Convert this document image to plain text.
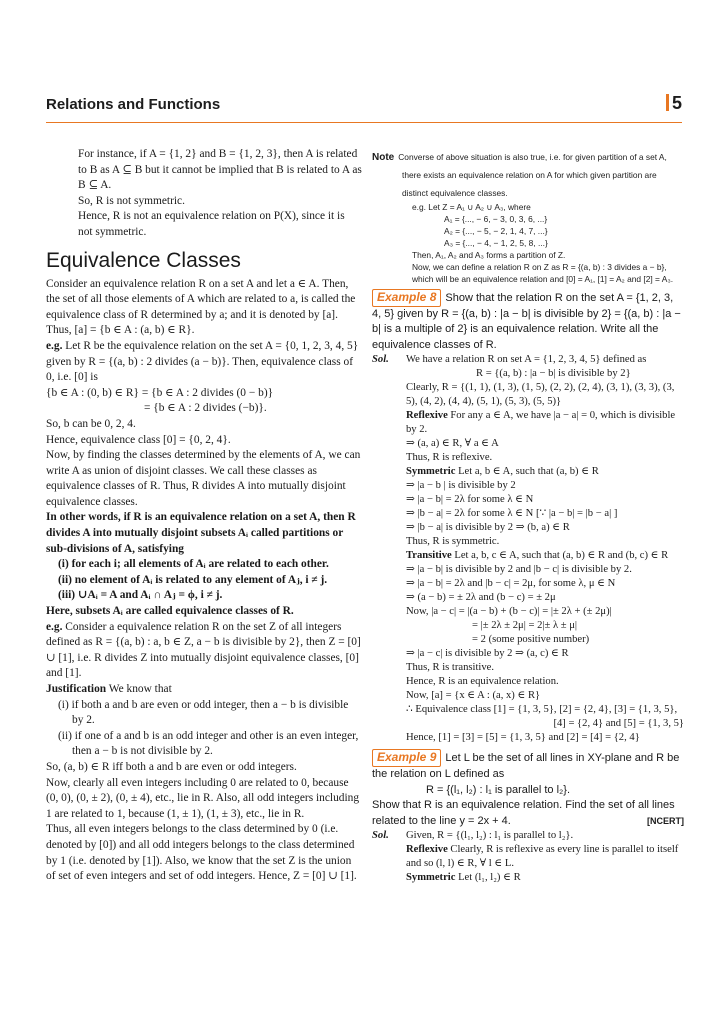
Relations and Functions	5

For instance, if A = {1, 2} and B = {1, 2, 3}, then A is related to B as A ⊆ B but it cannot be implied that B is related to A as B ⊆ A.

So, R is not symmetric.

Hence, R is not an equivalence relation on P(X), since it is not symmetric.

Equivalence Classes

Consider an equivalence relation R on a set A and let a ∈ A. Then, the set of all those elements of A which are related to a, is called the equivalence class of R determined by a; and it is denoted by [a]. Thus, [a] = {b ∈ A : (a, b) ∈ R}.

e.g. Let R be the equivalence relation on the set A = {0, 1, 2, 3, 4, 5} given by R = {(a, b) : 2 divides (a − b)}. Then, equivalence class of 0, i.e. [0] is

{b ∈ A : (0, b) ∈ R} = {b ∈ A : 2 divides (0 − b)}

= {b ∈ A : 2 divides (−b)}.

So, b can be 0, 2, 4.

Hence, equivalence class [0] = {0, 2, 4}.

Now, by finding the classes determined by the elements of A, we can write A as union of disjoint classes. We call these classes as equivalence classes of R. Thus, R divides A into mutually disjoint equivalence classes.

In other words, if R is an equivalence relation on a set A, then R divides A into mutually disjoint subsets Aᵢ called partitions or sub-divisions of A, satisfying

(i) for each i; all elements of Aᵢ are related to each other.

(ii) no element of Aᵢ is related to any element of Aⱼ, i ≠ j.

(iii) ∪Aᵢ = A and Aᵢ ∩ Aⱼ = ϕ, i ≠ j.

Here, subsets Aᵢ are called equivalence classes of R.

e.g. Consider a equivalence relation R on the set Z of all integers defined as R = {(a, b) : a, b ∈ Z, a − b is divisible by 2}, then Z = [0] ∪ [1], i.e. R divides Z into mutually disjoint equivalence classes, [0] and [1].

Justification We know that

(i) if both a and b are even or odd integer, then a − b is divisible by 2.

(ii) if one of a and b is an odd integer and other is an even integer, then a − b is not divisible by 2.

So, (a, b) ∈ R iff both a and b are even or odd integers.

Now, clearly all even integers including 0 are related to 0, because (0, 0), (0, ± 2), (0, ± 4), etc., lie in R. Also, all odd integers including 1 are related to 1, because (1, ± 1), (1, ± 3), etc., lie in R.

Thus, all even integers belongs to the class determined by 0 (i.e. denoted by [0]) and all odd integers belongs to the class determined by 1 (i.e. denoted by [1]). Also, we know that the set Z is the union of set of even integers and set of odd integers. Hence, Z = [0] ∪ [1].

Note Converse of above situation is also true, i.e. for given partition of a set A, there exists an equivalence relation on A for which given partition are distinct equivalence classes.
e.g. Let Z = A₁ ∪ A₂ ∪ A₃, where
A₁ = {..., − 6, − 3, 0, 3, 6, ...}
A₂ = {..., − 5, − 2, 1, 4, 7, ...}
A₃ = {..., − 4, − 1, 2, 5, 8, ...}
Then, A₁, A₂ and A₃ forms a partition of Z.
Now, we can define a relation R on Z as R = {(a, b) : 3 divides a − b}, which will be an equivalence relation and [0] = A₁, [1] = A₂ and [2] = A₃.
Example 8 Show that the relation R on the set A = {1, 2, 3, 4, 5} given by R = {(a, b) : |a − b| is divisible by 2} = {(a, b) : |a − b| is a multiple of 2} is an equivalence relation. Write all the equivalence classes of R.
Sol. We have a relation R on set A = {1, 2, 3, 4, 5} defined as
R = {(a, b) : |a − b| is divisible by 2}
Clearly, R = {(1, 1), (1, 3), (1, 5), (2, 2), (2, 4), (3, 1), (3, 3), (3, 5), (4, 2), (4, 4), (5, 1), (5, 3), (5, 5)}
Reflexive For any a ∈ A, we have |a − a| = 0, which is divisible by 2.
⇒ (a, a) ∈ R, ∀ a ∈ A
Thus, R is reflexive.
Symmetric Let a, b ∈ A, such that (a, b) ∈ R
⇒ |a − b | is divisible by 2
⇒ |a − b| = 2λ for some λ ∈ N
⇒ |b − a| = 2λ for some λ ∈ N [∵ |a − b| = |b − a| ]
⇒ |b − a| is divisible by 2 ⇒ (b, a) ∈ R
Thus, R is symmetric.
Transitive Let a, b, c ∈ A, such that (a, b) ∈ R and (b, c) ∈ R
⇒ |a − b| is divisible by 2 and |b − c| is divisible by 2.
⇒ |a − b| = 2λ and |b − c| = 2μ, for some λ, μ ∈ N
⇒ (a − b) = ± 2λ and (b − c) = ± 2μ
Now, |a − c| = |(a − b) + (b − c)| = |± 2λ + (± 2μ)|
= |± 2λ ± 2μ| = 2|± λ ± μ|
= 2 (some positive number)
⇒ |a − c| is divisible by 2 ⇒ (a, c) ∈ R
Thus, R is transitive.
Hence, R is an equivalence relation.
Now, [a] = {x ∈ A : (a, x) ∈ R}
∴ Equivalence class [1] = {1, 3, 5}, [2] = {2, 4}, [3] = {1, 3, 5},
[4] = {2, 4} and [5] = {1, 3, 5}
Hence, [1] = [3] = [5] = {1, 3, 5} and [2] = [4] = {2, 4}
Example 9 Let L be the set of all lines in XY-plane and R be the relation on L defined as
R = {(l₁, l₂) : l₁ is parallel to l₂}.
Show that R is an equivalence relation. Find the set of all lines related to the line y = 2x + 4.	[NCERT]
Sol. Given, R = {(l₁, l₂) : l₁ is parallel to l₂}.
Reflexive Clearly, R is reflexive as every line is parallel to itself and so (l, l) ∈ R, ∀ l ∈ L.
Symmetric Let (l₁, l₂) ∈ R
